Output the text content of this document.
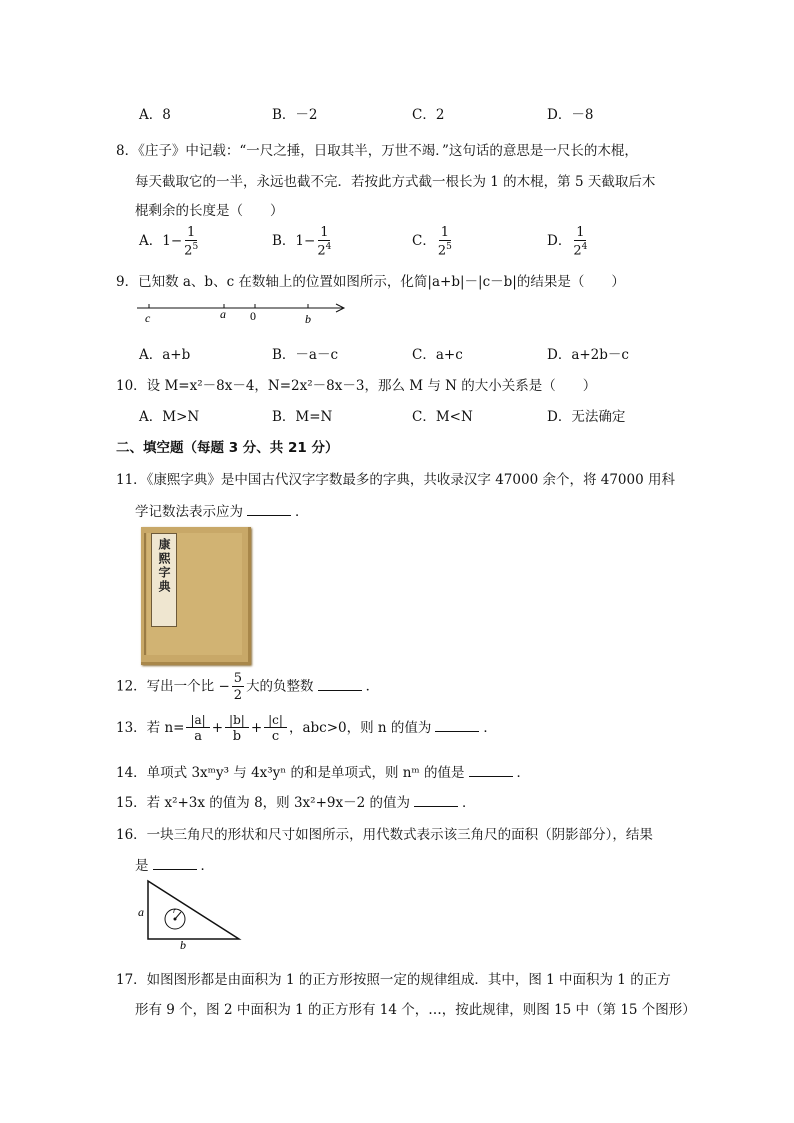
A．8	B．－2	C．2	D．－8
8．《庄子》中记载：“一尺之捶，日取其半，万世不竭．”这句话的意思是一尺长的木棍，
每天截取它的一半，永远也截不完．若按此方式截一根长为 1 的木棍，第 5 天截取后木
棍剩余的长度是（　　）
A．$1- \frac{1}{2^5}$	B．$1- \frac{1}{2^4}$	C． $\frac{1}{2^5}$	D． $\frac{1}{2^4}$
9．已知数 a、b、c 在数轴上的位置如图所示，化简|a+b|－|c－b|的结果是（　　）
c	a 0	b
A．a+b	B．－a－c	C．a+c	D．a+2b－c
10．设 M=x²－8x－4，N=2x²－8x－3，那么 M 与 N 的大小关系是（　　）
A．M>N	B．M=N	C．M<N	D．无法确定
二、填空题（每题 3 分、共 21 分）
11．《康熙字典》是中国古代汉字字数最多的字典，共收录汉字 47000 余个，将 47000 用科
学记数法表示应为	．
康熙字典
12．写出一个比 − $\frac{5}{2}$ 大的负整数	．
13．若 $n= \frac{|a|}{a} + \frac{|b|}{b} + \frac{|c|}{c}$ ，abc>0，则 n 的值为	．
14．单项式 3xᵐy³ 与 4x³yⁿ 的和是单项式，则 nᵐ 的值是	．
15．若 x²+3x 的值为 8，则 3x²+9x－2 的值为	．
16．一块三角尺的形状和尺寸如图所示，用代数式表示该三角尺的面积（阴影部分），结果
是	．
a
b
r
17．如图图形都是由面积为 1 的正方形按照一定的规律组成．其中，图 1 中面积为 1 的正方
形有 9 个，图 2 中面积为 1 的正方形有 14 个，…，按此规律，则图 15 中（第 15 个图形）
